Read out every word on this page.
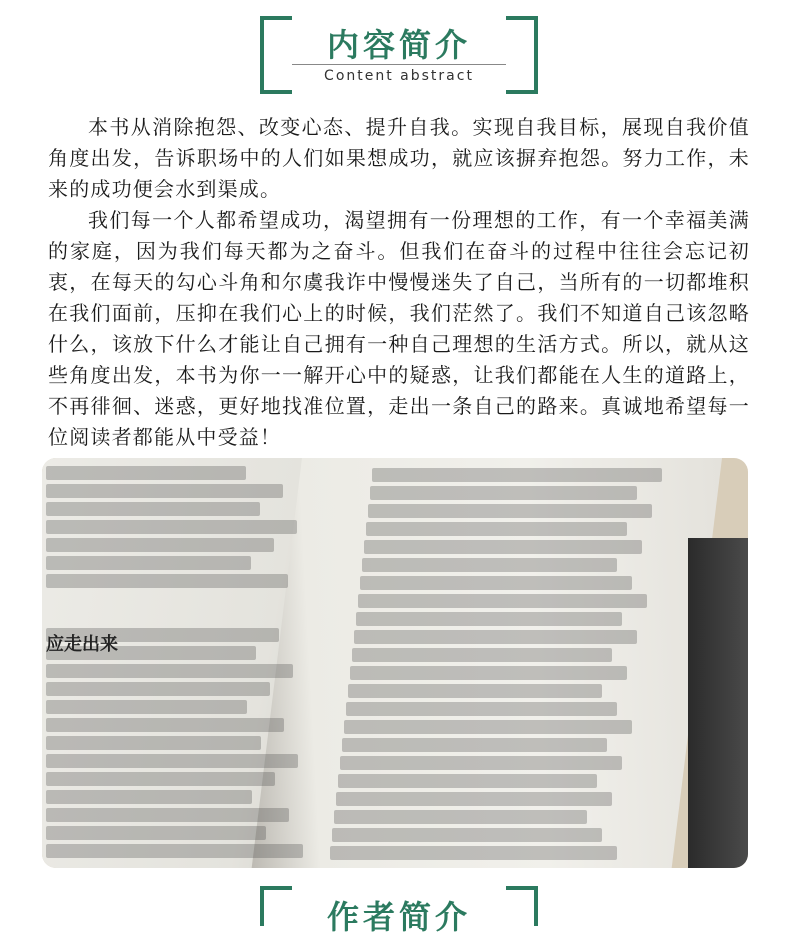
内容简介
Content abstract

本书从消除抱怨、改变心态、提升自我。实现自我目标，展现自我价值角度出发，告诉职场中的人们如果想成功，就应该摒弃抱怨。努力工作，未来的成功便会水到渠成。

我们每一个人都希望成功，渴望拥有一份理想的工作，有一个幸福美满的家庭，因为我们每天都为之奋斗。但我们在奋斗的过程中往往会忘记初衷，在每天的勾心斗角和尔虞我诈中慢慢迷失了自己，当所有的一切都堆积在我们面前，压抑在我们心上的时候，我们茫然了。我们不知道自己该忽略什么，该放下什么才能让自己拥有一种自己理想的生活方式。所以，就从这些角度出发，本书为你一一解开心中的疑惑，让我们都能在人生的道路上，不再徘徊、迷惑，更好地找准位置，走出一条自己的路来。真诚地希望每一位阅读者都能从中受益！

应走出来
作者简介
